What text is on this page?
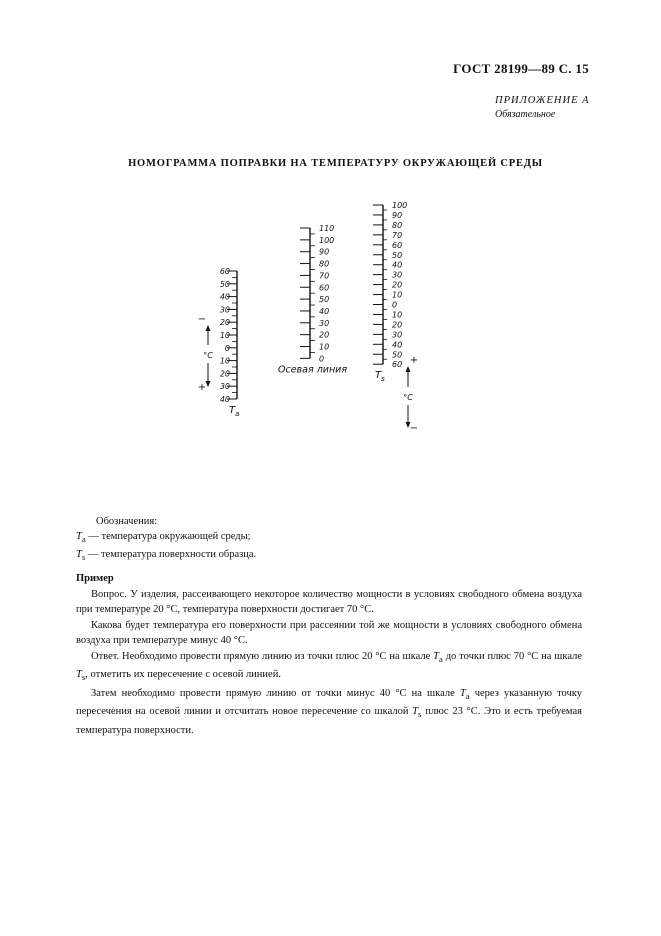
ГОСТ 28199—89 С. 15
ПРИЛОЖЕНИЕ А
Обязательное
НОМОГРАММА ПОПРАВКИ НА ТЕМПЕРАТУРУ ОКРУЖАЮЩЕЙ СРЕДЫ
60
50
40
30
20
10
0
10
20
30
40
$T_a$
−
+
°C
110
100
90
80
70
60
50
40
30
20
10
0
Осевая линия
100
90
80
70
60
50
40
30
20
10
0
10
20
30
40
50
60
$T_s$
+
−
°C
Обозначения:
$T_a$ — температура окружающей среды;
$T_s$ — температура поверхности образца.
Пример

Вопрос. У изделия, рассеивающего некоторое количество мощности в условиях свободного обмена воздуха при температуре 20 °С, температура поверхности достигает 70 °С.

Какова будет температура его поверхности при рассеянии той же мощности в условиях свободного обмена воздуха при температуре минус 40 °С.

Ответ. Необходимо провести прямую линию из точки плюс 20 °С на шкале $T_a$ до точки плюс 70 °С на шкале $T_s$, отметить их пересечение с осевой линией.

Затем необходимо провести прямую линию от точки минус 40 °С на шкале $T_a$ через указанную точку пересечения на осевой линии и отсчитать новое пересечение со шкалой $T_s$ плюс 23 °С. Это и есть требуемая температура поверхности.
